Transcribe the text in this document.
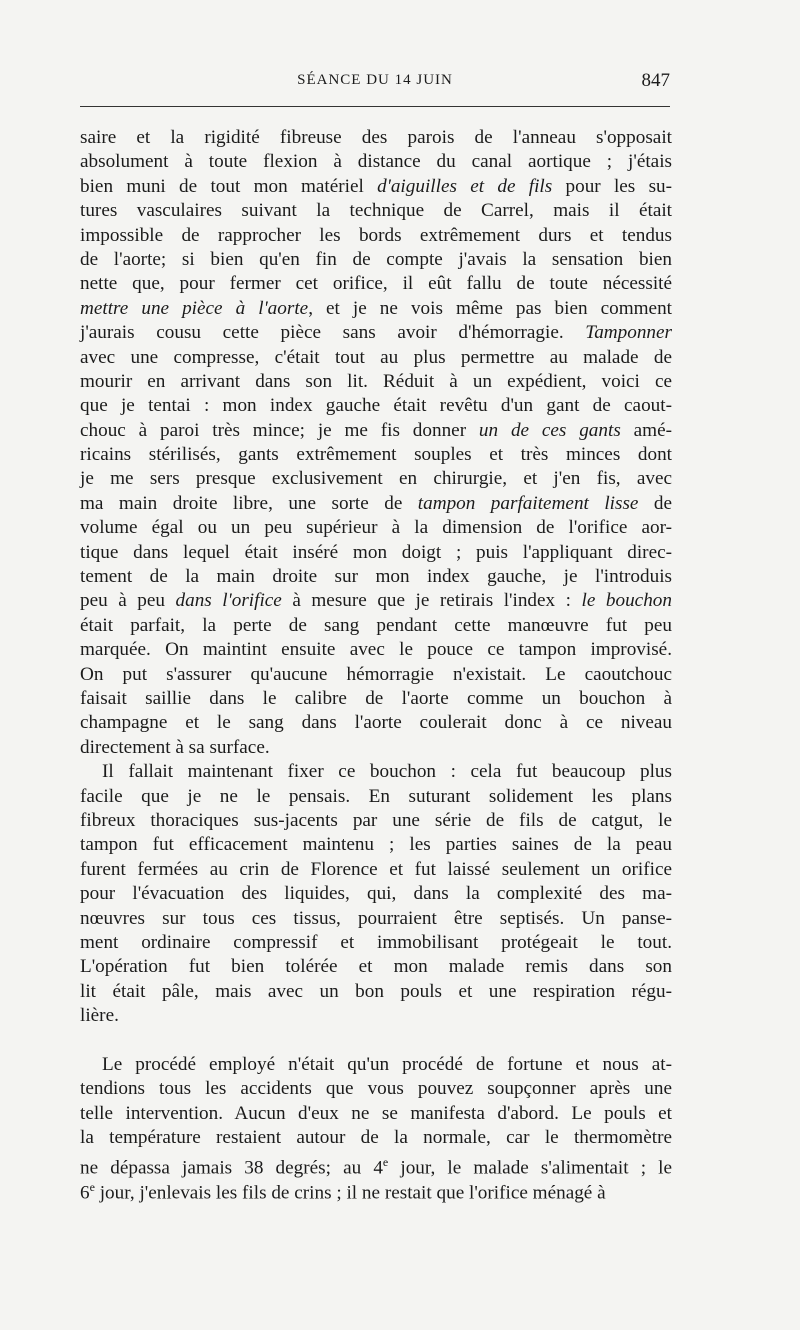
SÉANCE DU 14 JUIN	847

saire et la rigidité fibreuse des parois de l'anneau s'opposait
absolument à toute flexion à distance du canal aortique ; j'étais
bien muni de tout mon matériel d'aiguilles et de fils pour les su-
tures vasculaires suivant la technique de Carrel, mais il était
impossible de rapprocher les bords extrêmement durs et tendus
de l'aorte; si bien qu'en fin de compte j'avais la sensation bien
nette que, pour fermer cet orifice, il eût fallu de toute nécessité
mettre une pièce à l'aorte, et je ne vois même pas bien comment
j'aurais cousu cette pièce sans avoir d'hémorragie. Tamponner
avec une compresse, c'était tout au plus permettre au malade de
mourir en arrivant dans son lit. Réduit à un expédient, voici ce
que je tentai : mon index gauche était revêtu d'un gant de caout-
chouc à paroi très mince; je me fis donner un de ces gants amé-
ricains stérilisés, gants extrêmement souples et très minces dont
je me sers presque exclusivement en chirurgie, et j'en fis, avec
ma main droite libre, une sorte de tampon parfaitement lisse de
volume égal ou un peu supérieur à la dimension de l'orifice aor-
tique dans lequel était inséré mon doigt ; puis l'appliquant direc-
tement de la main droite sur mon index gauche, je l'introduis
peu à peu dans l'orifice à mesure que je retirais l'index : le bouchon
était parfait, la perte de sang pendant cette manœuvre fut peu
marquée. On maintint ensuite avec le pouce ce tampon improvisé.
On put s'assurer qu'aucune hémorragie n'existait. Le caoutchouc
faisait saillie dans le calibre de l'aorte comme un bouchon à
champagne et le sang dans l'aorte coulerait donc à ce niveau
directement à sa surface.

Il fallait maintenant fixer ce bouchon : cela fut beaucoup plus
facile que je ne le pensais. En suturant solidement les plans
fibreux thoraciques sus-jacents par une série de fils de catgut, le
tampon fut efficacement maintenu ; les parties saines de la peau
furent fermées au crin de Florence et fut laissé seulement un orifice
pour l'évacuation des liquides, qui, dans la complexité des ma-
nœuvres sur tous ces tissus, pourraient être septisés. Un panse-
ment ordinaire compressif et immobilisant protégeait le tout.
L'opération fut bien tolérée et mon malade remis dans son
lit était pâle, mais avec un bon pouls et une respiration régu-
lière.

Le procédé employé n'était qu'un procédé de fortune et nous at-
tendions tous les accidents que vous pouvez soupçonner après une
telle intervention. Aucun d'eux ne se manifesta d'abord. Le pouls et
la température restaient autour de la normale, car le thermomètre
ne dépassa jamais 38 degrés; au 4e jour, le malade s'alimentait ; le
6e jour, j'enlevais les fils de crins ; il ne restait que l'orifice ménagé à
